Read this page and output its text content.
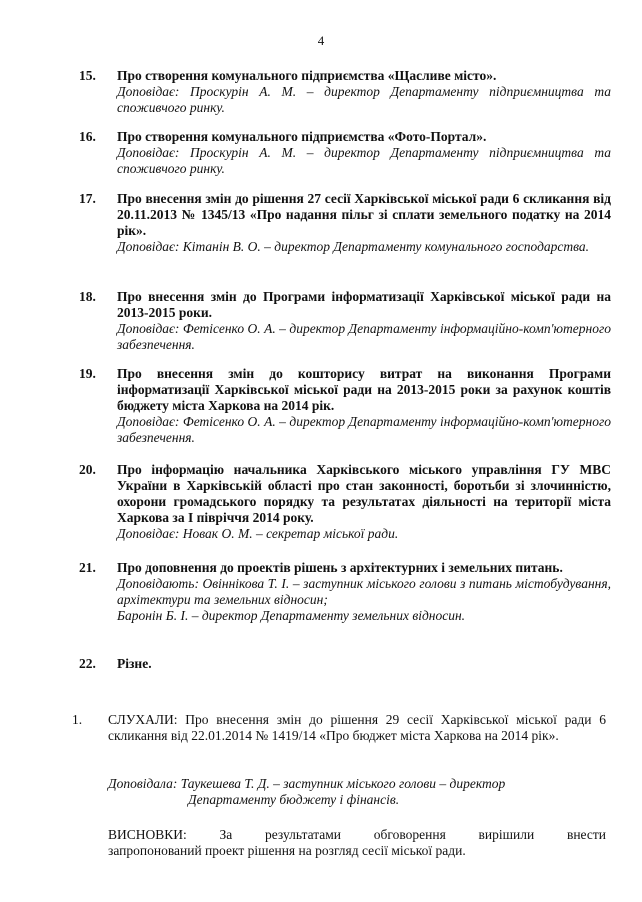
4
15. Про створення комунального підприємства «Щасливе місто».
Доповідає: Проскурін А. М. – директор Департаменту підприємництва та споживчого ринку.
16. Про створення комунального підприємства «Фото-Портал».
Доповідає: Проскурін А. М. – директор Департаменту підприємництва та споживчого ринку.
17. Про внесення змін до рішення 27 сесії Харківської міської ради 6 скликання від 20.11.2013 № 1345/13 «Про надання пільг зі сплати земельного податку на 2014 рік».
Доповідає: Кітанін В. О. – директор Департаменту комунального господарства.
18. Про внесення змін до Програми інформатизації Харківської міської ради на 2013-2015 роки.
Доповідає: Фетісенко О. А. – директор Департаменту інформаційно-комп'ютерного забезпечення.
19. Про внесення змін до кошторису витрат на виконання Програми інформатизації Харківської міської ради на 2013-2015 роки за рахунок коштів бюджету міста Харкова на 2014 рік.
Доповідає: Фетісенко О. А. – директор Департаменту інформаційно-комп'ютерного забезпечення.
20. Про інформацію начальника Харківського міського управління ГУ МВС України в Харківській області про стан законності, боротьби зі злочинністю, охорони громадського порядку та результатах діяльності на території міста Харкова за І півріччя 2014 року.
Доповідає: Новак О. М. – секретар міської ради.
21. Про доповнення до проектів рішень з архітектурних і земельних питань.
Доповідають: Овіннікова Т. І. – заступник міського голови з питань містобудування, архітектури та земельних відносин;
Баронін Б. І. – директор Департаменту земельних відносин.
22. Різне.
1. СЛУХАЛИ: Про внесення змін до рішення 29 сесії Харківської міської ради 6 скликання від 22.01.2014 № 1419/14 «Про бюджет міста Харкова на 2014 рік».
Доповідала: Таукешева Т. Д. – заступник міського голови – директор
Департаменту бюджету і фінансів.
ВИСНОВКИ: За результатами обговорення вирішили внести
запропонований проект рішення на розгляд сесії міської ради.
